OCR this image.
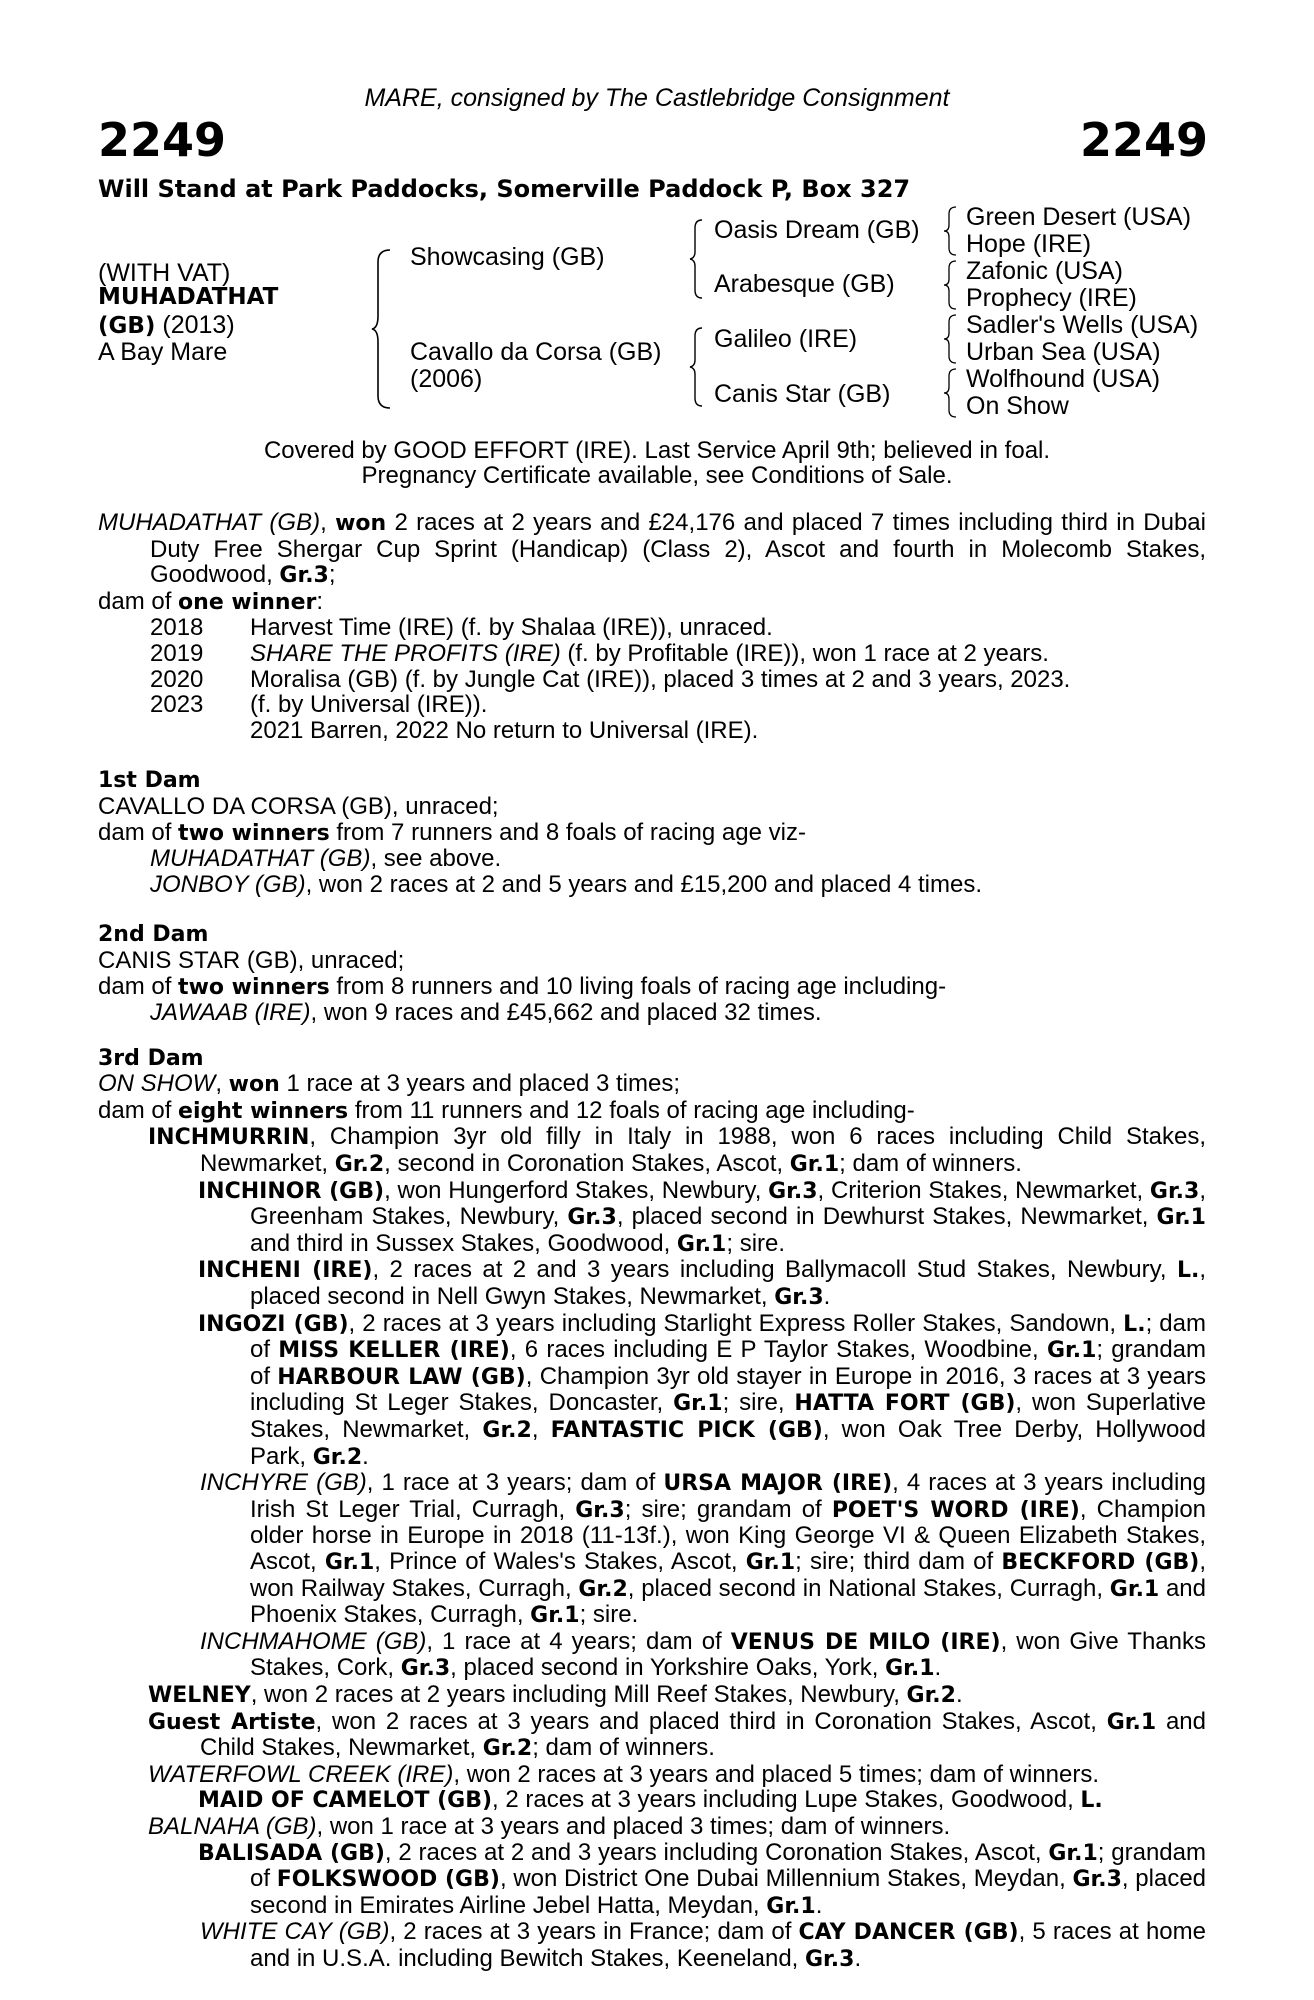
MARE, consigned by The Castlebridge Consignment
2249	2249
Will Stand at Park Paddocks, Somerville Paddock P, Box 327
(WITH VAT)
MUHADATHAT
(GB) (2013)
A Bay Mare
Showcasing (GB)
Cavallo da Corsa (GB)
(2006)
Oasis Dream (GB)
Arabesque (GB)
Galileo (IRE)
Canis Star (GB)
Green Desert (USA)
Hope (IRE)
Zafonic (USA)
Prophecy (IRE)
Sadler's Wells (USA)
Urban Sea (USA)
Wolfhound (USA)
On Show
Covered by GOOD EFFORT (IRE). Last Service April 9th; believed in foal.
Pregnancy Certificate available, see Conditions of Sale.

MUHADATHAT (GB), won 2 races at 2 years and £24,176 and placed 7 times including third in Dubai Duty Free Shergar Cup Sprint (Handicap) (Class 2), Ascot and fourth in Molecomb Stakes, Goodwood, Gr.3;

dam of one winner:

2018 Harvest Time (IRE) (f. by Shalaa (IRE)), unraced.

2019 SHARE THE PROFITS (IRE) (f. by Profitable (IRE)), won 1 race at 2 years.

2020 Moralisa (GB) (f. by Jungle Cat (IRE)), placed 3 times at 2 and 3 years, 2023.

2023 (f. by Universal (IRE)).

2021 Barren, 2022 No return to Universal (IRE).

1st Dam

CAVALLO DA CORSA (GB), unraced;

dam of two winners from 7 runners and 8 foals of racing age viz-

MUHADATHAT (GB), see above.

JONBOY (GB), won 2 races at 2 and 5 years and £15,200 and placed 4 times.

2nd Dam

CANIS STAR (GB), unraced;

dam of two winners from 8 runners and 10 living foals of racing age including-

JAWAAB (IRE), won 9 races and £45,662 and placed 32 times.

3rd Dam

ON SHOW, won 1 race at 3 years and placed 3 times;

dam of eight winners from 11 runners and 12 foals of racing age including-

INCHMURRIN, Champion 3yr old filly in Italy in 1988, won 6 races including Child Stakes, Newmarket, Gr.2, second in Coronation Stakes, Ascot, Gr.1; dam of winners.

INCHINOR (GB), won Hungerford Stakes, Newbury, Gr.3, Criterion Stakes, Newmarket, Gr.3, Greenham Stakes, Newbury, Gr.3, placed second in Dewhurst Stakes, Newmarket, Gr.1 and third in Sussex Stakes, Goodwood, Gr.1; sire.

INCHENI (IRE), 2 races at 2 and 3 years including Ballymacoll Stud Stakes, Newbury, L., placed second in Nell Gwyn Stakes, Newmarket, Gr.3.

INGOZI (GB), 2 races at 3 years including Starlight Express Roller Stakes, Sandown, L.; dam of MISS KELLER (IRE), 6 races including E P Taylor Stakes, Woodbine, Gr.1; grandam of HARBOUR LAW (GB), Champion 3yr old stayer in Europe in 2016, 3 races at 3 years including St Leger Stakes, Doncaster, Gr.1; sire, HATTA FORT (GB), won Superlative Stakes, Newmarket, Gr.2, FANTASTIC PICK (GB), won Oak Tree Derby, Hollywood Park, Gr.2.

INCHYRE (GB), 1 race at 3 years; dam of URSA MAJOR (IRE), 4 races at 3 years including Irish St Leger Trial, Curragh, Gr.3; sire; grandam of POET'S WORD (IRE), Champion older horse in Europe in 2018 (11-13f.), won King George VI & Queen Elizabeth Stakes, Ascot, Gr.1, Prince of Wales's Stakes, Ascot, Gr.1; sire; third dam of BECKFORD (GB), won Railway Stakes, Curragh, Gr.2, placed second in National Stakes, Curragh, Gr.1 and Phoenix Stakes, Curragh, Gr.1; sire.

INCHMAHOME (GB), 1 race at 4 years; dam of VENUS DE MILO (IRE), won Give Thanks Stakes, Cork, Gr.3, placed second in Yorkshire Oaks, York, Gr.1.

WELNEY, won 2 races at 2 years including Mill Reef Stakes, Newbury, Gr.2.

Guest Artiste, won 2 races at 3 years and placed third in Coronation Stakes, Ascot, Gr.1 and Child Stakes, Newmarket, Gr.2; dam of winners.

WATERFOWL CREEK (IRE), won 2 races at 3 years and placed 5 times; dam of winners.

MAID OF CAMELOT (GB), 2 races at 3 years including Lupe Stakes, Goodwood, L.

BALNAHA (GB), won 1 race at 3 years and placed 3 times; dam of winners.

BALISADA (GB), 2 races at 2 and 3 years including Coronation Stakes, Ascot, Gr.1; grandam of FOLKSWOOD (GB), won District One Dubai Millennium Stakes, Meydan, Gr.3, placed second in Emirates Airline Jebel Hatta, Meydan, Gr.1.

WHITE CAY (GB), 2 races at 3 years in France; dam of CAY DANCER (GB), 5 races at home and in U.S.A. including Bewitch Stakes, Keeneland, Gr.3.
